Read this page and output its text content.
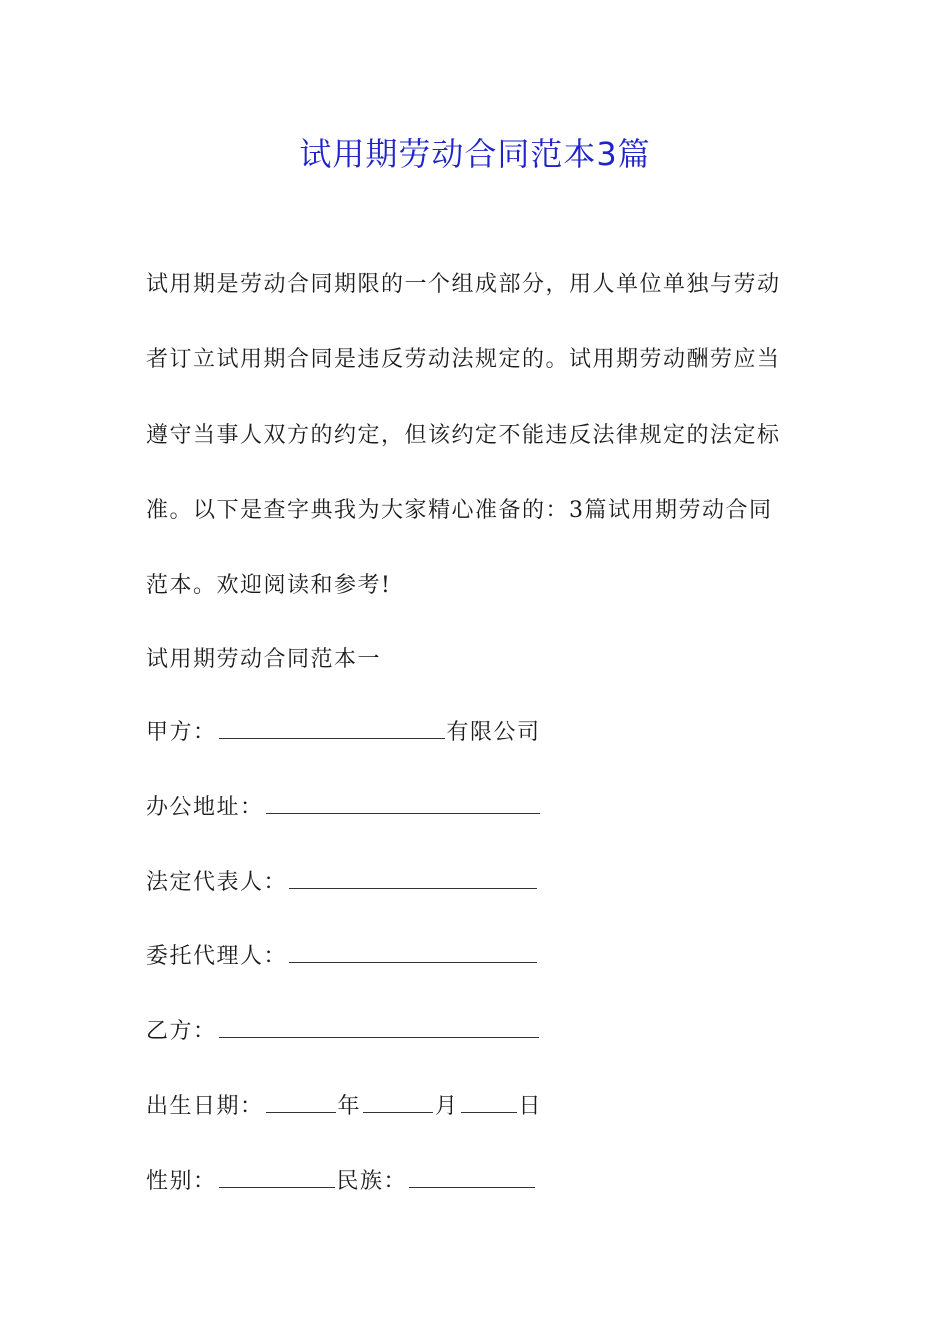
试用期劳动合同范本3篇
试用期是劳动合同期限的一个组成部分，用人单位单独与劳动
者订立试用期合同是违反劳动法规定的。试用期劳动酬劳应当
遵守当事人双方的约定，但该约定不能违反法律规定的法定标
准。以下是查字典我为大家精心准备的：3篇试用期劳动合同
范本。欢迎阅读和参考!
试用期劳动合同范本一
甲方：	有限公司
办公地址：
法定代表人：
委托代理人：
乙方：
出生日期：	年	月	日
性别：	民族：
